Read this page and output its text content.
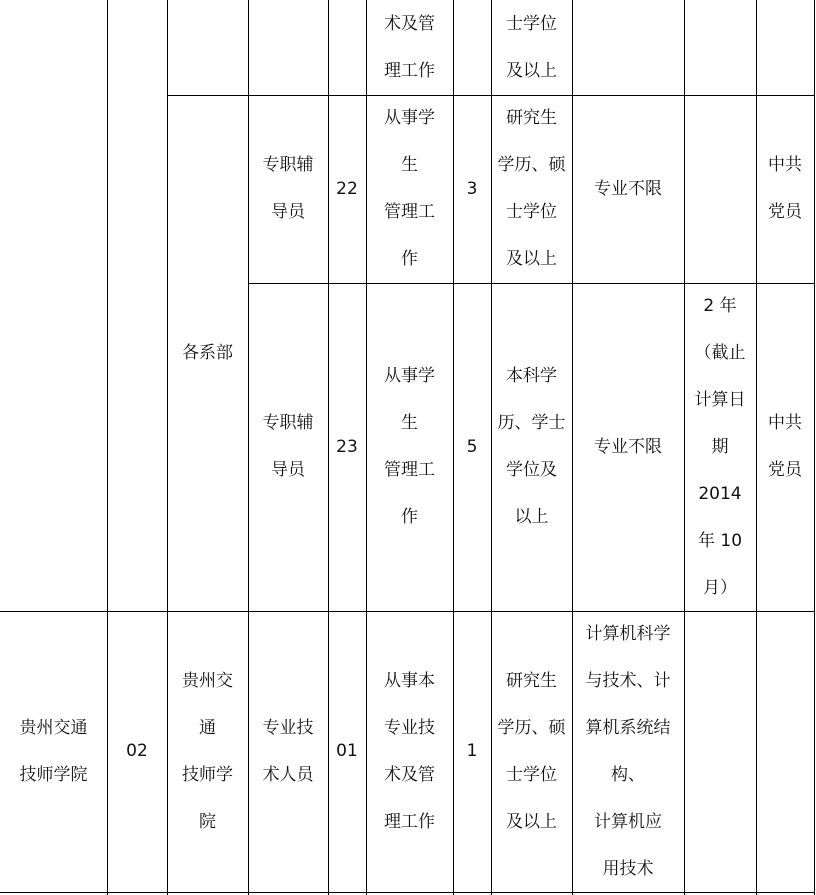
术及管
理工作
士学位
及以上
各系部
专职辅
导员
22
从事学
生
管理工
作
3
研究生
学历、硕
士学位
及以上
专业不限
中共
党员
专职辅
导员
23
从事学
生
管理工
作
5
本科学
历、学士
学位及
以上
专业不限
2 年
（截止
计算日
期
2014
年 10
月）
中共
党员
贵州交通
技师学院
02
贵州交
通
技师学
院
专业技
术人员
01
从事本
专业技
术及管
理工作
1
研究生
学历、硕
士学位
及以上
计算机科学
与技术、计
算机系统结
构、
计算机应
用技术
